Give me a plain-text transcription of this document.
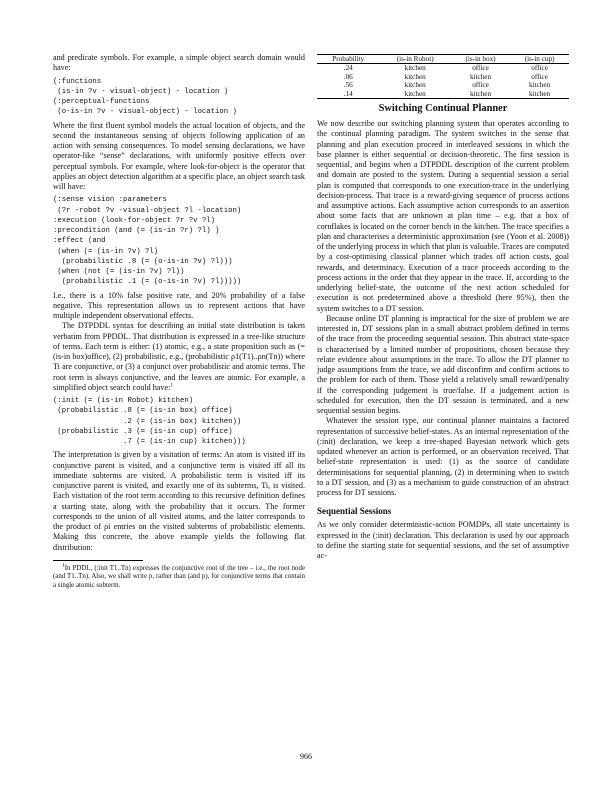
and predicate symbols. For example, a simple object search domain would have:

(:functions
(is-in ?v - visual-object) - location )
(:perceptual-functions
(o-is-in ?v - visual-object) - location )

Where the first fluent symbol models the actual location of objects, and the second the instantaneous sensing of objects following application of an action with sensing consequences. To model sensing declarations, we have operator-like “sense” declarations, with uniformly positive effects over perceptual symbols. For example, where look-for-object is the operator that applies an object detection algorithm at a specific place, an object search task will have:

(:sense vision :parameters
(?r -robot ?v -visual-object ?l -location)
:execution (look-for-object ?r ?v ?l)
:precondition (and (= (is-in ?r) ?l) )
:effect (and
(when (= (is-in ?v) ?l)
(probabilistic .8 (= (o-is-in ?v) ?l)))
(when (not (= (is-in ?v) ?l))
(probabilistic .1 (= (o-is-in ?v) ?l)))))

I.e., there is a 10% false positive rate, and 20% probability of a false negative. This representation allows us to represent actions that have multiple independent observational effects.

The DTPDDL syntax for describing an initial state distribution is taken verbatim from PPDDL. That distribution is expressed in a tree-like structure of terms. Each term is either: (1) atomic, e.g., a state proposition such as (= (is-in box)office), (2) probabilistic, e.g., (probabilistic ρ1(T1)..ρn(Tn)) where Ti are conjunctive, or (3) a conjunct over probabilistic and atomic terms. The root term is always conjunctive, and the leaves are atomic. For example, a simplified object search could have:$^1$

(:init (= (is-in Robot) kitchen)
(probabilistic .8 (= (is-in box) office)
.2 (= (is-in box) kitchen))
(probabilistic .3 (= (is-in cup) office)
.7 (= (is-in cup) kitchen)))

The interpretation is given by a visitation of terms: An atom is visited iff its conjunctive parent is visited, and a conjunctive term is visited iff all its immediate subterms are visited. A probabilistic term is visited iff its conjunctive parent is visited, and exactly one of its subterms, Ti, is visited. Each visitation of the root term according to this recursive definition defines a starting state, along with the probability that it occurs. The former corresponds to the union of all visited atoms, and the latter corresponds to the product of ρi entries on the visited subterms of probabilistic elements. Making this concrete, the above example yields the following flat distribution:

$^1$In PDDL, (:init T1..Tn) expresses the conjunctive root of the tree – i.e., the root node (and T1..Tn). Also, we shall write p, rather than (and p), for conjunctive terms that contain a single atomic subterm.

Probability	(is-in Robot)	(is-in box)	(is-in cup)
.24	kitchen	office	office
.06	kitchen	kitchen	office
.56	kitchen	office	kitchen
.14	kitchen	kitchen	kitchen
Switching Continual Planner

We now describe our switching planning system that operates according to the continual planning paradigm. The system switches in the sense that planning and plan execution proceed in interleaved sessions in which the base planner is either sequential or decision-theoretic. The first session is sequential, and begins when a DTPDDL description of the current problem and domain are posted to the system. During a sequential session a serial plan is computed that corresponds to one execution-trace in the underlying decision-process. That trace is a reward-giving sequence of process actions and assumptive actions. Each assumptive action corresponds to an assertion about some facts that are unknown at plan time – e.g. that a box of cornflakes is located on the corner bench in the kitchen. The trace specifies a plan and characterises a deterministic approximation (see (Yoon et al. 2008)) of the underlying process in which that plan is valuable. Traces are computed by a cost-optimising classical planner which trades off action costs, goal rewards, and determinacy. Execution of a trace proceeds according to the process actions in the order that they appear in the trace. If, according to the underlying belief-state, the outcome of the next action scheduled for execution is not predetermined above a threshold (here 95%), then the system switches to a DT session.

Because online DT planning is impractical for the size of problem we are interested in, DT sessions plan in a small abstract problem defined in terms of the trace from the proceeding sequential session. This abstract state-space is characterised by a limited number of propositions, chosen because they relate evidence about assumptions in the trace. To allow the DT planner to judge assumptions from the trace, we add disconfirm and confirm actions to the problem for each of them. Those yield a relatively small reward/penalty if the corresponding judgement is true/false. If a judgement action is scheduled for execution, then the DT session is terminated, and a new sequential session begins.

Whatever the session type, our continual planner maintains a factored representation of successive belief-states. As an internal representation of the (:init) declaration, we keep a tree-shaped Bayesian network which gets updated whenever an action is performed, or an observation received. That belief-state representation is used: (1) as the source of candidate determinisations for sequential planning, (2) in determining when to switch to a DT session, and (3) as a mechanism to guide construction of an abstract process for DT sessions.

Sequential Sessions

As we only consider deterministic-action POMDPs, all state uncertainty is expressed in the (:init) declaration. This declaration is used by our approach to define the starting state for sequential sessions, and the set of assumptive ac-

966
